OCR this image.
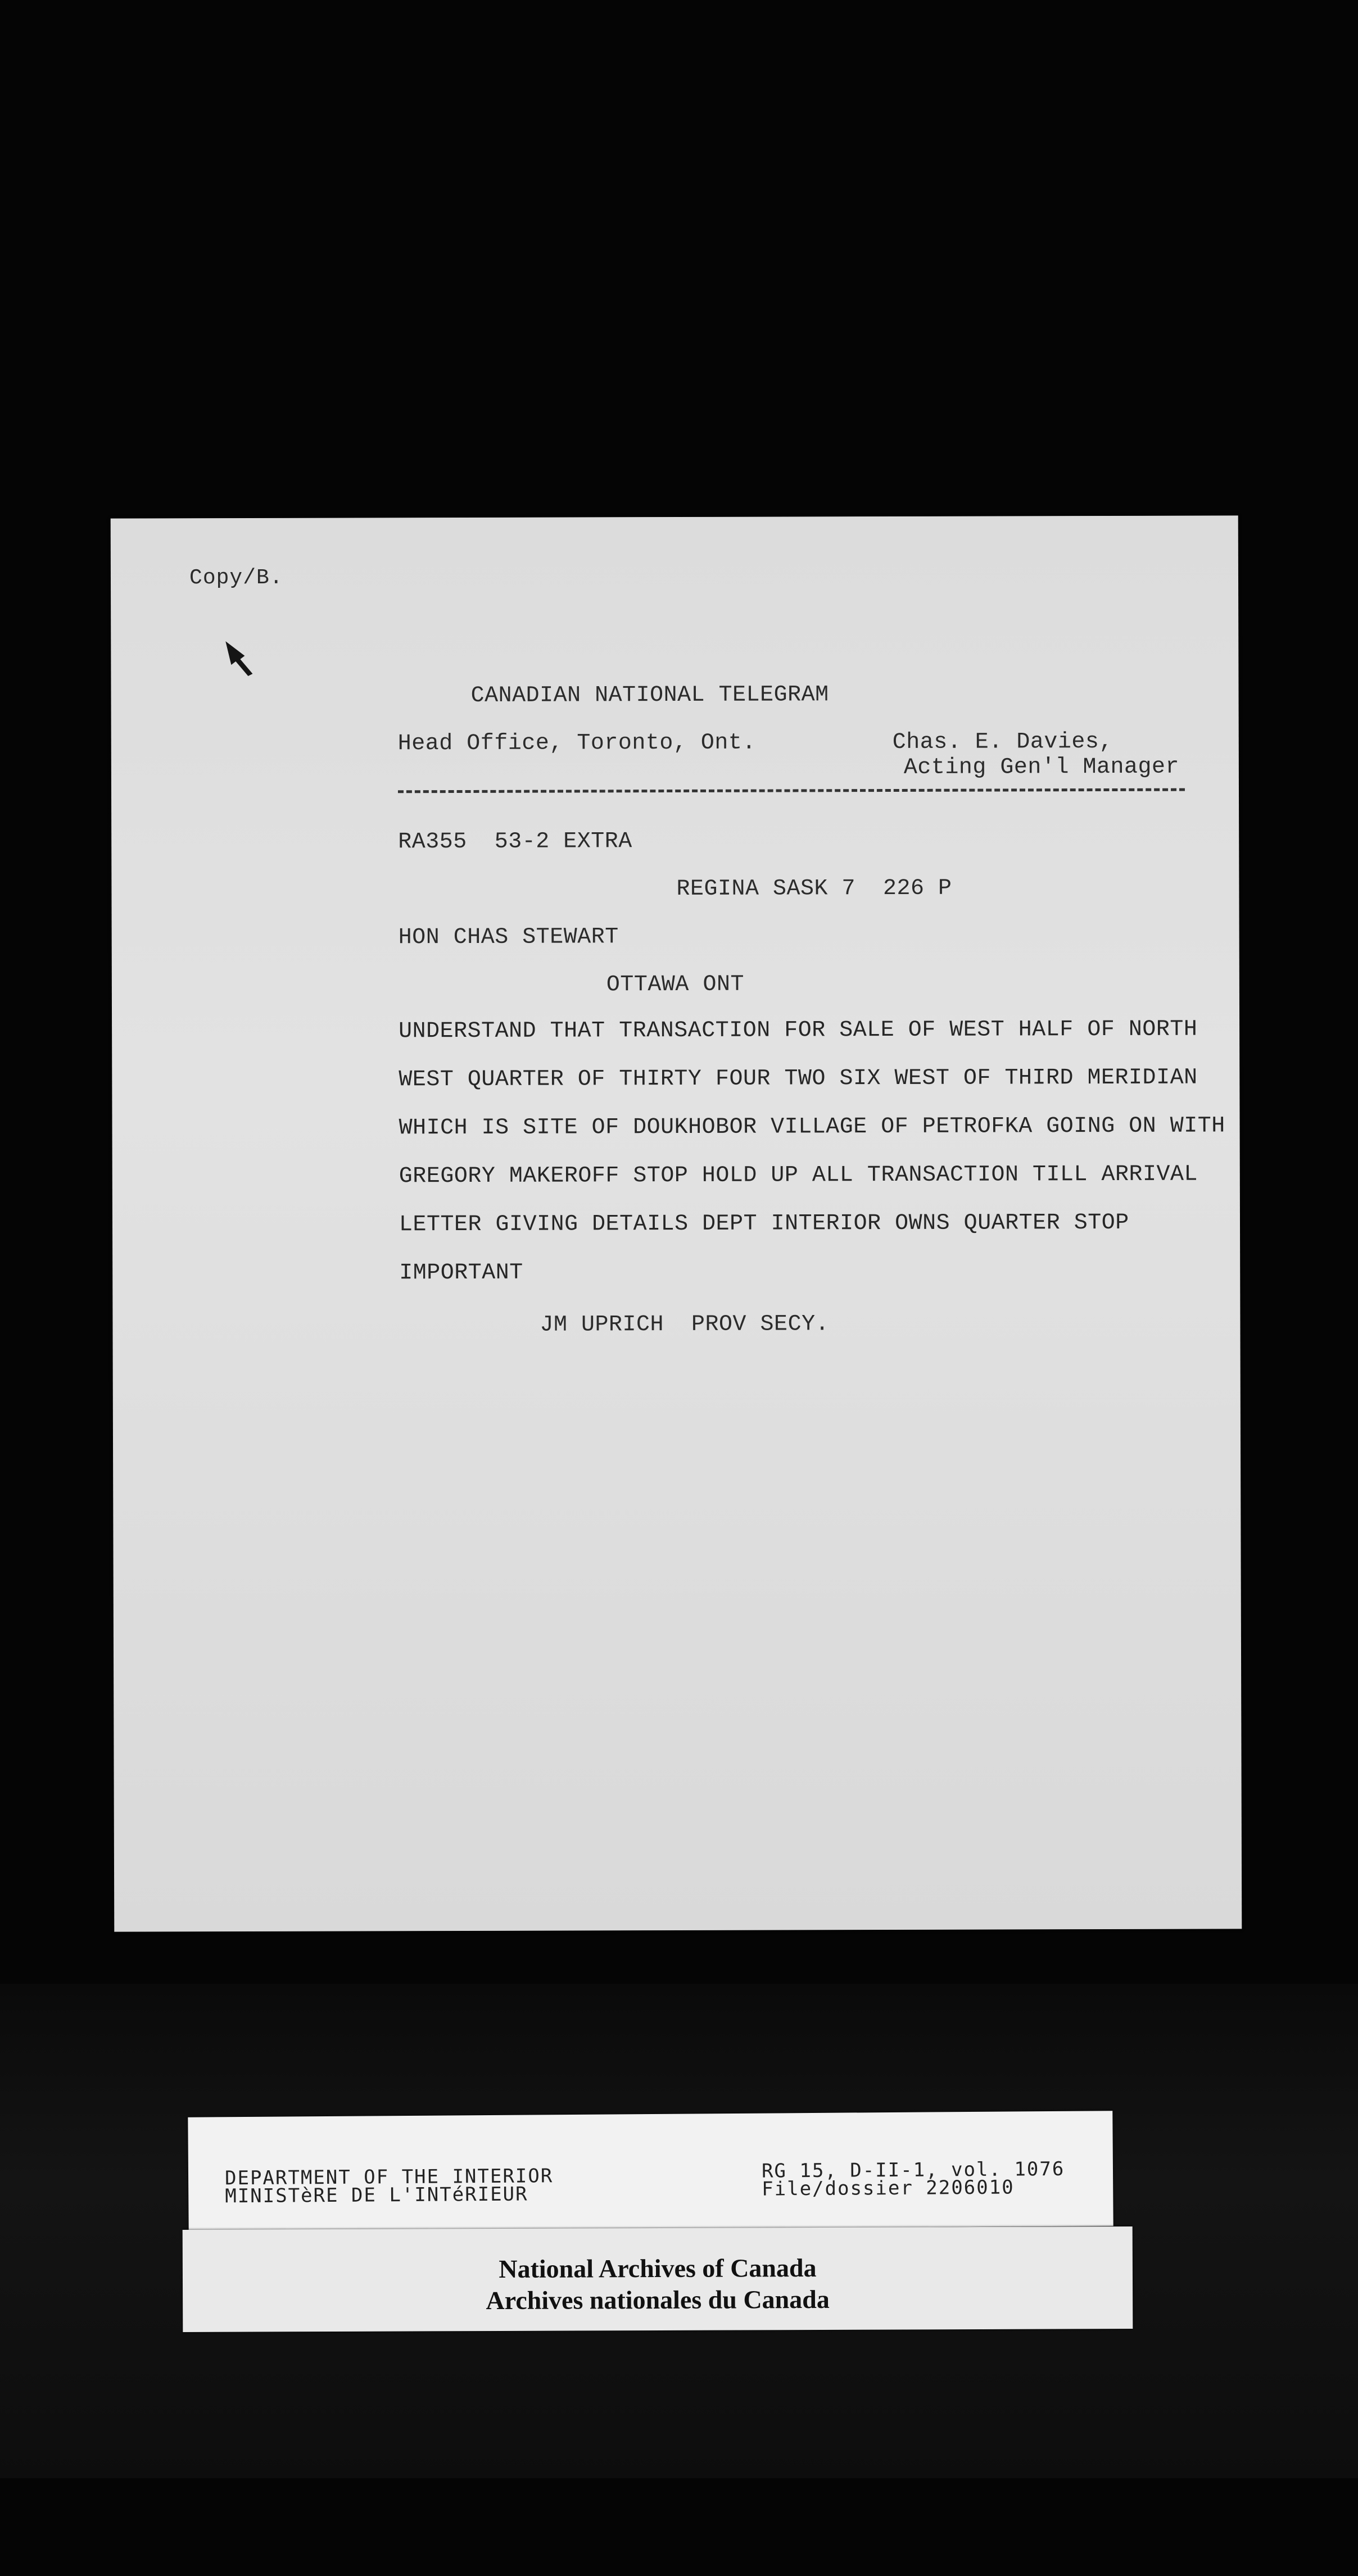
Copy/B.
CANADIAN NATIONAL TELEGRAM
Head Office, Toronto, Ont.	Chas. E. Davies,
Acting Gen'l Manager
RA355  53-2 EXTRA
REGINA SASK 7  226 P
HON CHAS STEWART
OTTAWA ONT
UNDERSTAND THAT TRANSACTION FOR SALE OF WEST HALF OF NORTH
WEST QUARTER OF THIRTY FOUR TWO SIX WEST OF THIRD MERIDIAN
WHICH IS SITE OF DOUKHOBOR VILLAGE OF PETROFKA GOING ON WITH
GREGORY MAKEROFF STOP HOLD UP ALL TRANSACTION TILL ARRIVAL
LETTER GIVING DETAILS DEPT INTERIOR OWNS QUARTER STOP
IMPORTANT
JM UPRICH  PROV SECY.
DEPARTMENT OF THE INTERIOR
MINISTèRE DE L'INTéRIEUR
RG 15, D-II-1, vol. 1076
File/dossier 2206010
National Archives of Canada
Archives nationales du Canada
